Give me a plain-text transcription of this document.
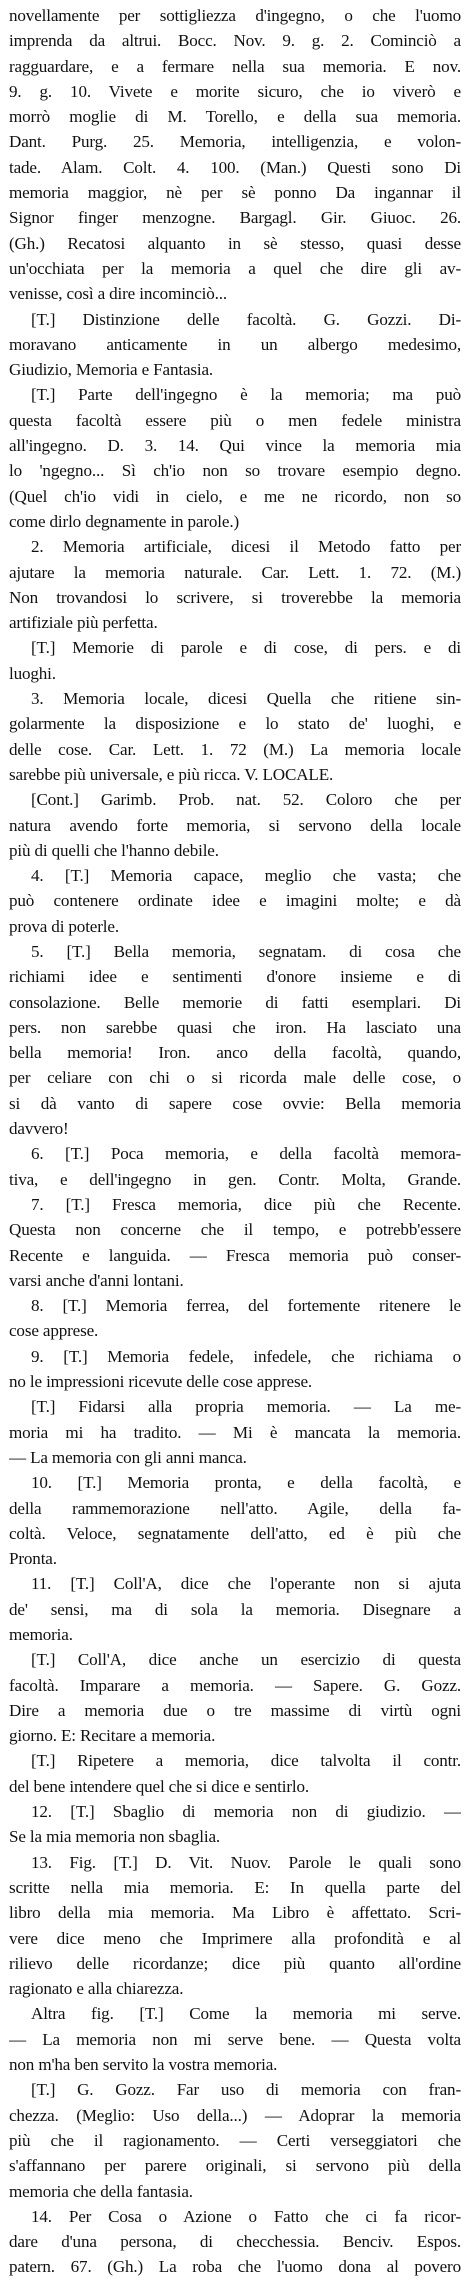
novellamente per sottigliezza d'ingegno, o che l'uomo
imprenda da altrui. Bocc. Nov. 9. g. 2. Cominciò a
ragguardare, e a fermare nella sua memoria. E nov.
9. g. 10. Vivete e morite sicuro, che io viverò e
morrò moglie di M. Torello, e della sua memoria.
Dant. Purg. 25. Memoria, intelligenzia, e volon-
tade. Alam. Colt. 4. 100. (Man.) Questi sono Di
memoria maggior, nè per sè ponno Da ingannar il
Signor finger menzogne. Bargagl. Gir. Giuoc. 26.
(Gh.) Recatosi alquanto in sè stesso, quasi desse
un'occhiata per la memoria a quel che dire gli av-
venisse, così a dire incominciò...
[T.] Distinzione delle facoltà. G. Gozzi. Di-
moravano anticamente in un albergo medesimo,
Giudizio, Memoria e Fantasia.
[T.] Parte dell'ingegno è la memoria; ma può
questa facoltà essere più o men fedele ministra
all'ingegno. D. 3. 14. Qui vince la memoria mia
lo 'ngegno... Sì ch'io non so trovare esempio degno.
(Quel ch'io vidi in cielo, e me ne ricordo, non so
come dirlo degnamente in parole.)
2. Memoria artificiale, dicesi il Metodo fatto per
ajutare la memoria naturale. Car. Lett. 1. 72. (M.)
Non trovandosi lo scrivere, si troverebbe la memoria
artifiziale più perfetta.
[T.] Memorie di parole e di cose, di pers. e di
luoghi.
3. Memoria locale, dicesi Quella che ritiene sin-
golarmente la disposizione e lo stato de' luoghi, e
delle cose. Car. Lett. 1. 72 (M.) La memoria locale
sarebbe più universale, e più ricca. V. LOCALE.
[Cont.] Garimb. Prob. nat. 52. Coloro che per
natura avendo forte memoria, si servono della locale
più di quelli che l'hanno debile.
4. [T.] Memoria capace, meglio che vasta; che
può contenere ordinate idee e imagini molte; e dà
prova di poterle.
5. [T.] Bella memoria, segnatam. di cosa che
richiami idee e sentimenti d'onore insieme e di
consolazione. Belle memorie di fatti esemplari. Di
pers. non sarebbe quasi che iron. Ha lasciato una
bella memoria! Iron. anco della facoltà, quando,
per celiare con chi o si ricorda male delle cose, o
si dà vanto di sapere cose ovvie: Bella memoria
davvero!
6. [T.] Poca memoria, e della facoltà memora-
tiva, e dell'ingegno in gen. Contr. Molta, Grande.
7. [T.] Fresca memoria, dice più che Recente.
Questa non concerne che il tempo, e potrebb'essere
Recente e languida. — Fresca memoria può conser-
varsi anche d'anni lontani.
8. [T.] Memoria ferrea, del fortemente ritenere le
cose apprese.
9. [T.] Memoria fedele, infedele, che richiama o
no le impressioni ricevute delle cose apprese.
[T.] Fidarsi alla propria memoria. — La me-
moria mi ha tradito. — Mi è mancata la memoria.
— La memoria con gli anni manca.
10. [T.] Memoria pronta, e della facoltà, e
della rammemorazione nell'atto. Agile, della fa-
coltà. Veloce, segnatamente dell'atto, ed è più che
Pronta.
11. [T.] Coll'A, dice che l'operante non si ajuta
de' sensi, ma di sola la memoria. Disegnare a
memoria.
[T.] Coll'A, dice anche un esercizio di questa
facoltà. Imparare a memoria. — Sapere. G. Gozz.
Dire a memoria due o tre massime di virtù ogni
giorno. E: Recitare a memoria.
[T.] Ripetere a memoria, dice talvolta il contr.
del bene intendere quel che si dice e sentirlo.
12. [T.] Sbaglio di memoria non di giudizio. —
Se la mia memoria non sbaglia.
13. Fig. [T.] D. Vit. Nuov. Parole le quali sono
scritte nella mia memoria. E: In quella parte del
libro della mia memoria. Ma Libro è affettato. Scri-
vere dice meno che Imprimere alla profondità e al
rilievo delle ricordanze; dice più quanto all'ordine
ragionato e alla chiarezza.
Altra fig. [T.] Come la memoria mi serve.
— La memoria non mi serve bene. — Questa volta
non m'ha ben servito la vostra memoria.
[T.] G. Gozz. Far uso di memoria con fran-
chezza. (Meglio: Uso della...) — Adoprar la memoria
più che il ragionamento. — Certi verseggiatori che
s'affannano per parere originali, si servono più della
memoria che della fantasia.
14. Per Cosa o Azione o Fatto che ci fa ricor-
dare d'una persona, di checchessia. Benciv. Espos.
patern. 67. (Gh.) La roba che l'uomo dona al povero
